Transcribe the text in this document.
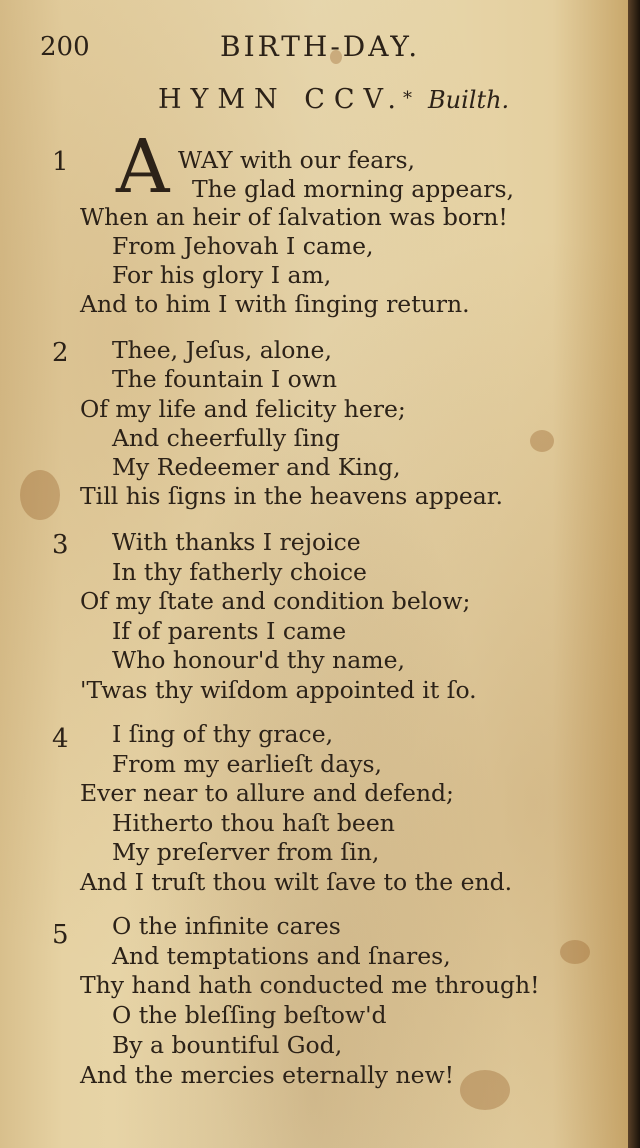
200	BIRTH-DAY.
HYMN CCV.
* Builth.
1 A WAY with our fears,
The glad morning appears,
When an heir of ſalvation was born!
From Jehovah I came,
For his glory I am,
And to him I with ſinging return.
2 Thee, Jeſus, alone,
The fountain I own
Of my life and felicity here;
And cheerfully ſing
My Redeemer and King,
Till his ſigns in the heavens appear.
3 With thanks I rejoice
In thy fatherly choice
Of my ſtate and condition below;
If of parents I came
Who honour'd thy name,
'Twas thy wiſdom appointed it ſo.
4 I ſing of thy grace,
From my earlieſt days,
Ever near to allure and defend;
Hitherto thou haſt been
My preſerver from ſin,
And I truſt thou wilt ſave to the end.
5 O the infinite cares
And temptations and ſnares,
Thy hand hath conducted me through!
O the bleſſing beſtow'd
By a bountiful God,
And the mercies eternally new!
